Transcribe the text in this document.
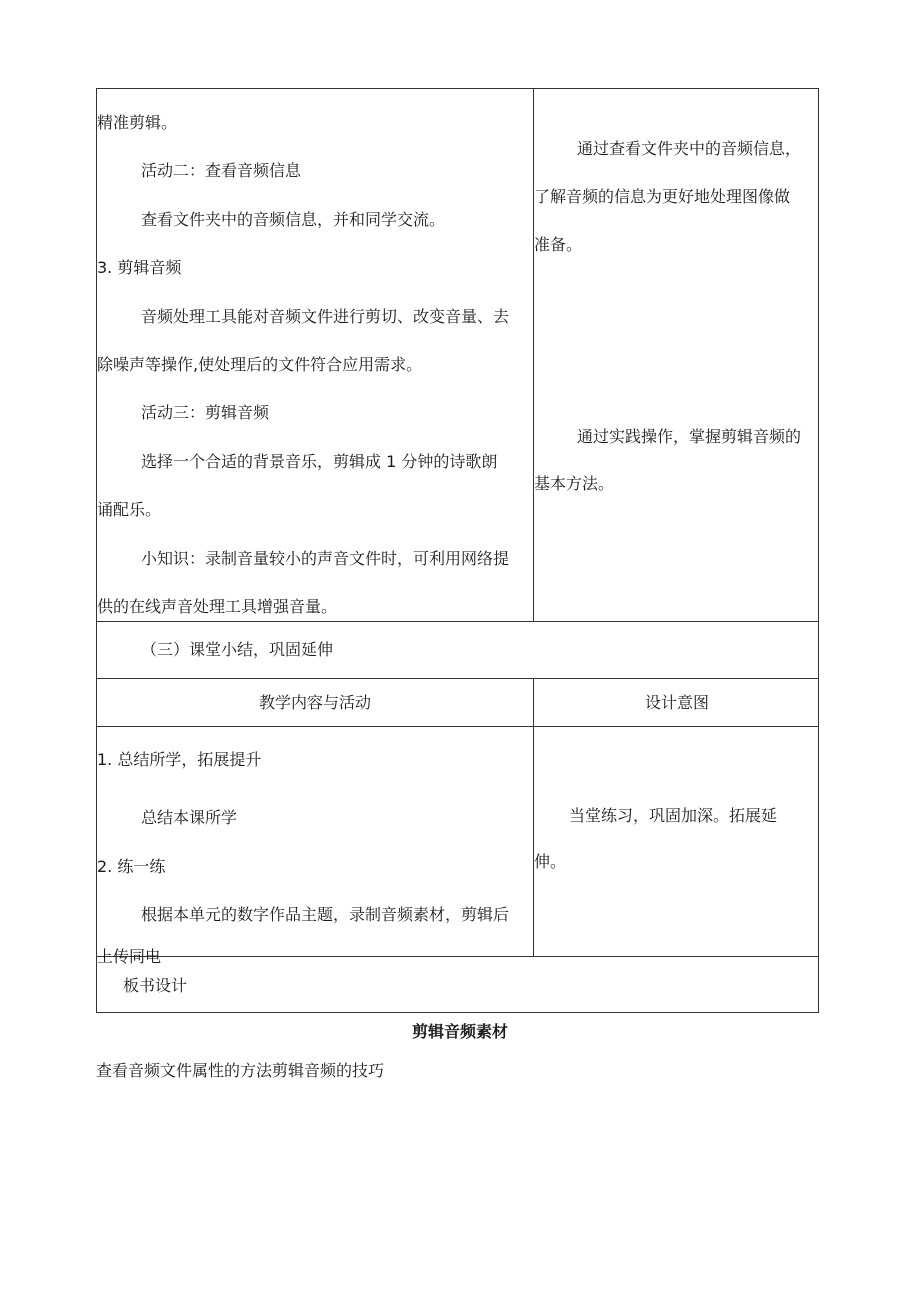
精准剪辑。
活动二：查看音频信息
查看文件夹中的音频信息，并和同学交流。
3. 剪辑音频
音频处理工具能对音频文件进行剪切、改变音量、去
除噪声等操作,使处理后的文件符合应用需求。
活动三：剪辑音频
选择一个合适的背景音乐，剪辑成 1 分钟的诗歌朗
诵配乐。
小知识：录制音量较小的声音文件时，可利用网络提
供的在线声音处理工具增强音量。
通过查看文件夹中的音频信息，
了解音频的信息为更好地处理图像做
准备。
通过实践操作，掌握剪辑音频的
基本方法。
（三）课堂小结，巩固延伸
教学内容与活动	设计意图
1. 总结所学，拓展提升
总结本课所学
2. 练一练
根据本单元的数字作品主题，录制音频素材，剪辑后
上传同电
当堂练习，巩固加深。拓展延
伸。
板书设计
剪辑音频素材
查看音频文件属性的方法剪辑音频的技巧
